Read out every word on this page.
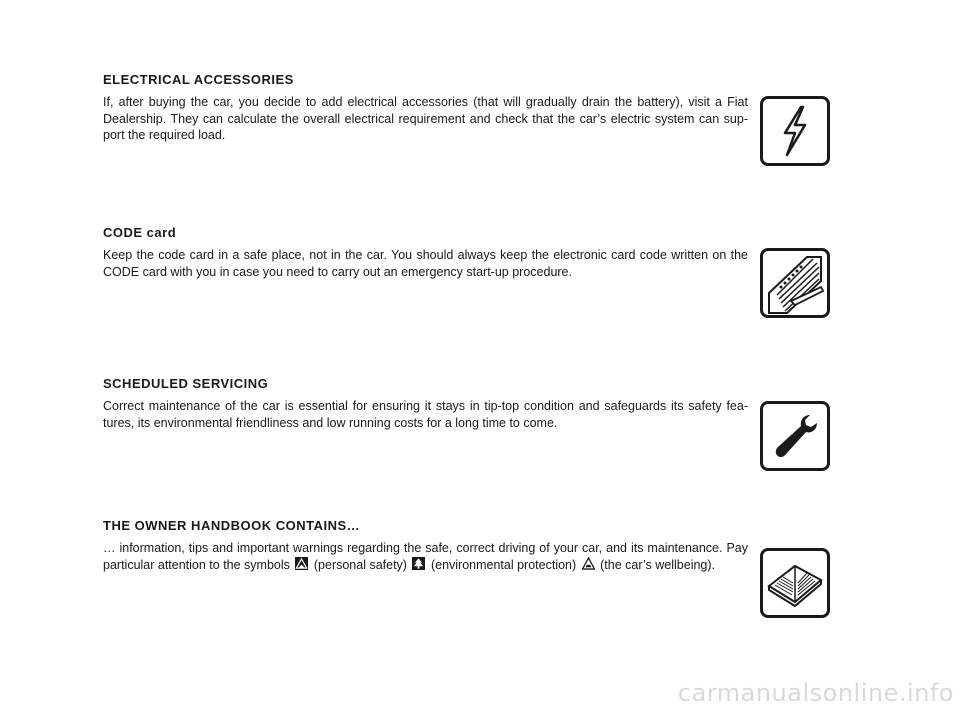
ELECTRICAL ACCESSORIES

If, after buying the car, you decide to add electrical accessories (that will gradually drain the battery), visit a Fiat Dealership. They can calculate the overall electrical requirement and check that the car’s electric system can sup-port the required load.

CODE card

Keep the code card in a safe place, not in the car. You should always keep the electronic card code written on the CODE card with you in case you need to carry out an emergency start-up procedure.

SCHEDULED SERVICING

Correct maintenance of the car is essential for ensuring it stays in tip-top condition and safeguards its safety fea-tures, its environmental friendliness and low running costs for a long time to come.

THE OWNER HANDBOOK CONTAINS…

… information, tips and important warnings regarding the safe, correct driving of your car, and its maintenance. Pay particular attention to the symbols (personal safety) (environmental protection) (the car’s wellbeing).

carmanualsonline.info
